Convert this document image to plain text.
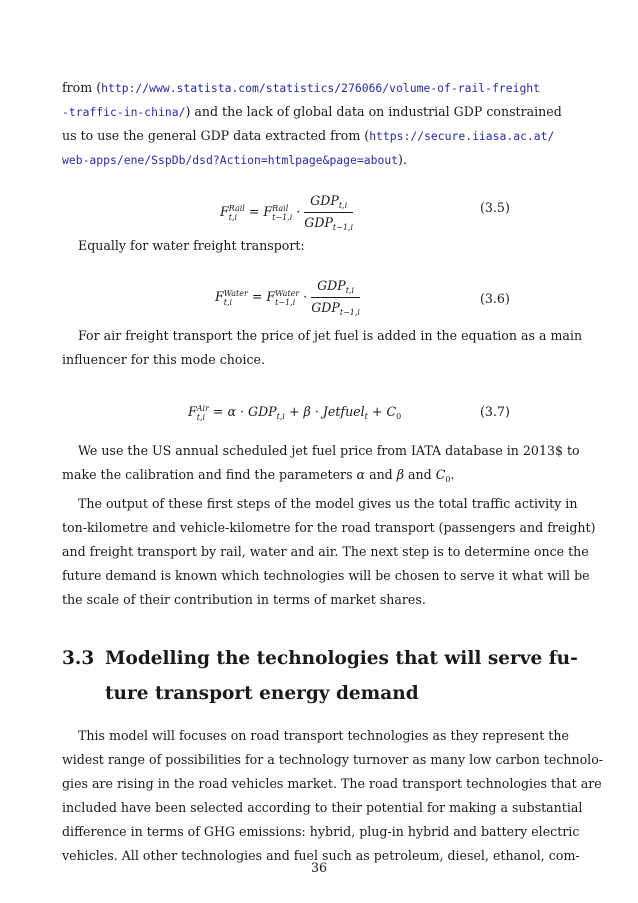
from (http://www.statista.com/statistics/276066/volume-of-rail-freight
-traffic-in-china/) and the lack of global data on industrial GDP constrained
us to use the general GDP data extracted from (https://secure.iiasa.ac.at/
web-apps/ene/SspDb/dsd?Action=htmlpage&page=about).
F Rail
t,i = F Rail
$t-1,i \cdot \frac{GDP_{t,i}}{GDP_{t-1,i}}$	(3.5)
Equally for water freight transport:
F Water
t,i	= F Water
$t-1,i \cdot \frac{GDP_{t,i}}{GDP_{t-1,i}}$	(3.6)
For air freight transport the price of jet fuel is added in the equation as a main
influencer for this mode choice.
F Air
$t,i = \alpha \cdot GDP_{t,i} + \beta$ · Jetfuel$_t$ + $C_0$	(3.7)
We use the US annual scheduled jet fuel price from IATA database in 2013$ to
make the calibration and find the parameters α and β and $C_0$.
The output of these first steps of the model gives us the total traffic activity in
ton-kilometre and vehicle-kilometre for the road transport (passengers and freight)
and freight transport by rail, water and air. The next step is to determine once the
future demand is known which technologies will be chosen to serve it what will be
the scale of their contribution in terms of market shares.
3.3 Modelling the technologies that will serve fu-
ture transport energy demand
This model will focuses on road transport technologies as they represent the
widest range of possibilities for a technology turnover as many low carbon technolo-
gies are rising in the road vehicles market. The road transport technologies that are
included have been selected according to their potential for making a substantial
difference in terms of GHG emissions: hybrid, plug-in hybrid and battery electric
vehicles. All other technologies and fuel such as petroleum, diesel, ethanol, com-
36
